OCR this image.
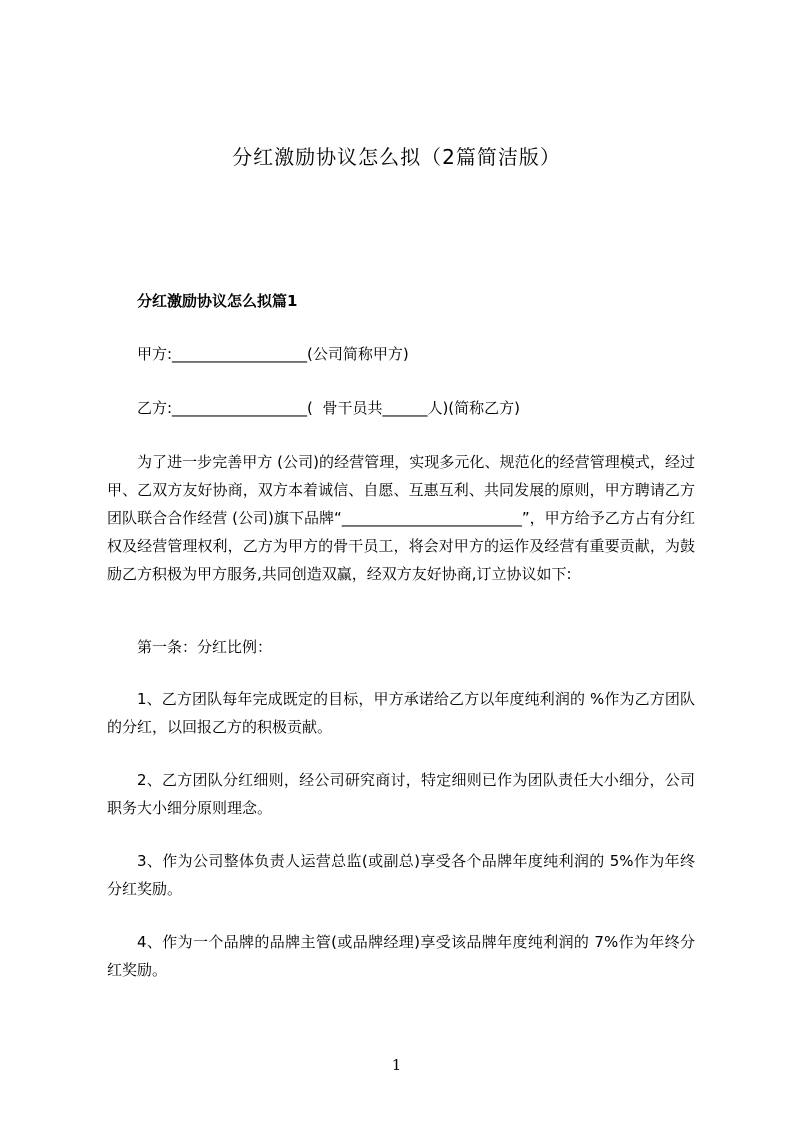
分红激励协议怎么拟（2篇简洁版）
分红激励协议怎么拟篇1
甲方:__________________(公司简称甲方)
乙方:__________________(  骨干员共______人)(简称乙方)
为了进一步完善甲方 (公司)的经营管理，实现多元化、规范化的经营管理模式，经过甲、乙双方友好协商，双方本着诚信、自愿、互惠互利、共同发展的原则，甲方聘请乙方团队联合合作经营 (公司)旗下品牌“________________________”，甲方给予乙方占有分红权及经营管理权利，乙方为甲方的骨干员工，将会对甲方的运作及经营有重要贡献，为鼓励乙方积极为甲方服务,共同创造双赢，经双方友好协商,订立协议如下:
第一条：分红比例：
1、乙方团队每年完成既定的目标，甲方承诺给乙方以年度纯利润的 %作为乙方团队的分红，以回报乙方的积极贡献。
2、乙方团队分红细则，经公司研究商讨，特定细则已作为团队责任大小细分，公司职务大小细分原则理念。
3、作为公司整体负责人运营总监(或副总)享受各个品牌年度纯利润的 5%作为年终分红奖励。
4、作为一个品牌的品牌主管(或品牌经理)享受该品牌年度纯利润的 7%作为年终分红奖励。
1
